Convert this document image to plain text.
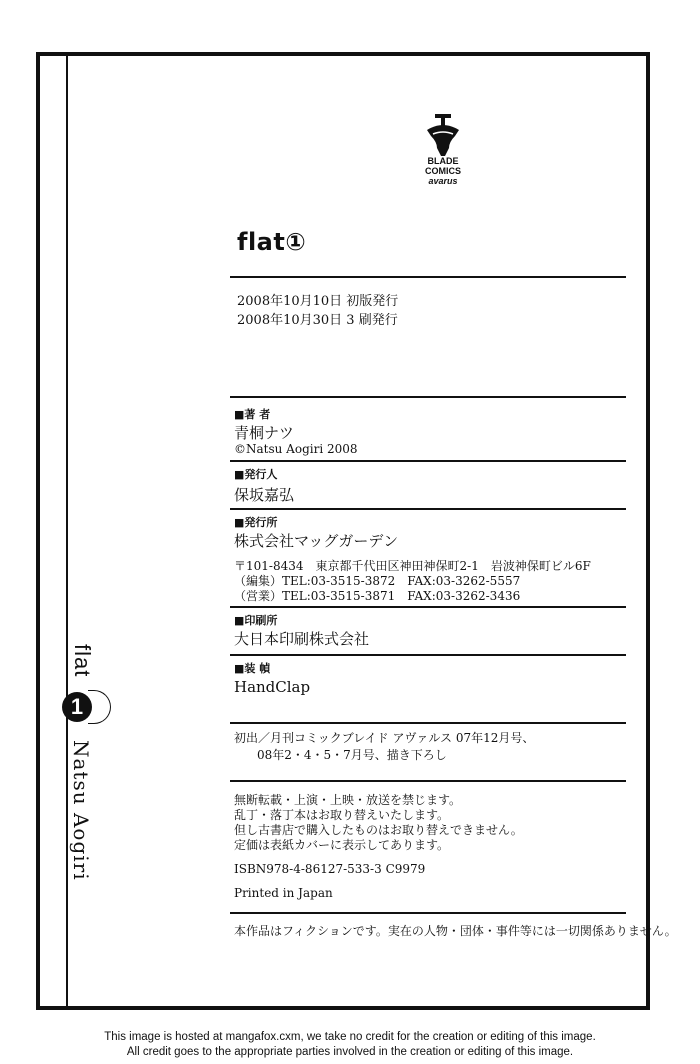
flat
1
Natsu Aogiri
BLADE
COMICS
avarus
flat①
2008年10月10日 初版発行
2008年10月30日 3 刷発行
■著 者
青桐ナツ
©Natsu Aogiri 2008
■発行人
保坂嘉弘
■発行所
株式会社マッグガーデン
〒101-8434　東京都千代田区神田神保町2-1　岩波神保町ビル6F
（編集）TEL:03-3515-3872　FAX:03-3262-5557
（営業）TEL:03-3515-3871　FAX:03-3262-3436
■印刷所
大日本印刷株式会社
■装 幀
HandClap
初出／月刊コミックブレイド アヴァルス 07年12月号、
08年2・4・5・7月号、描き下ろし
無断転載・上演・上映・放送を禁じます。
乱丁・落丁本はお取り替えいたします。
但し古書店で購入したものはお取り替えできません。
定価は表紙カバーに表示してあります。
ISBN978-4-86127-533-3 C9979
Printed in Japan
本作品はフィクションです。実在の人物・団体・事件等には一切関係ありません。
This image is hosted at mangafox.cxm, we take no credit for the creation or editing of this image.
All credit goes to the appropriate parties involved in the creation or editing of this image.
